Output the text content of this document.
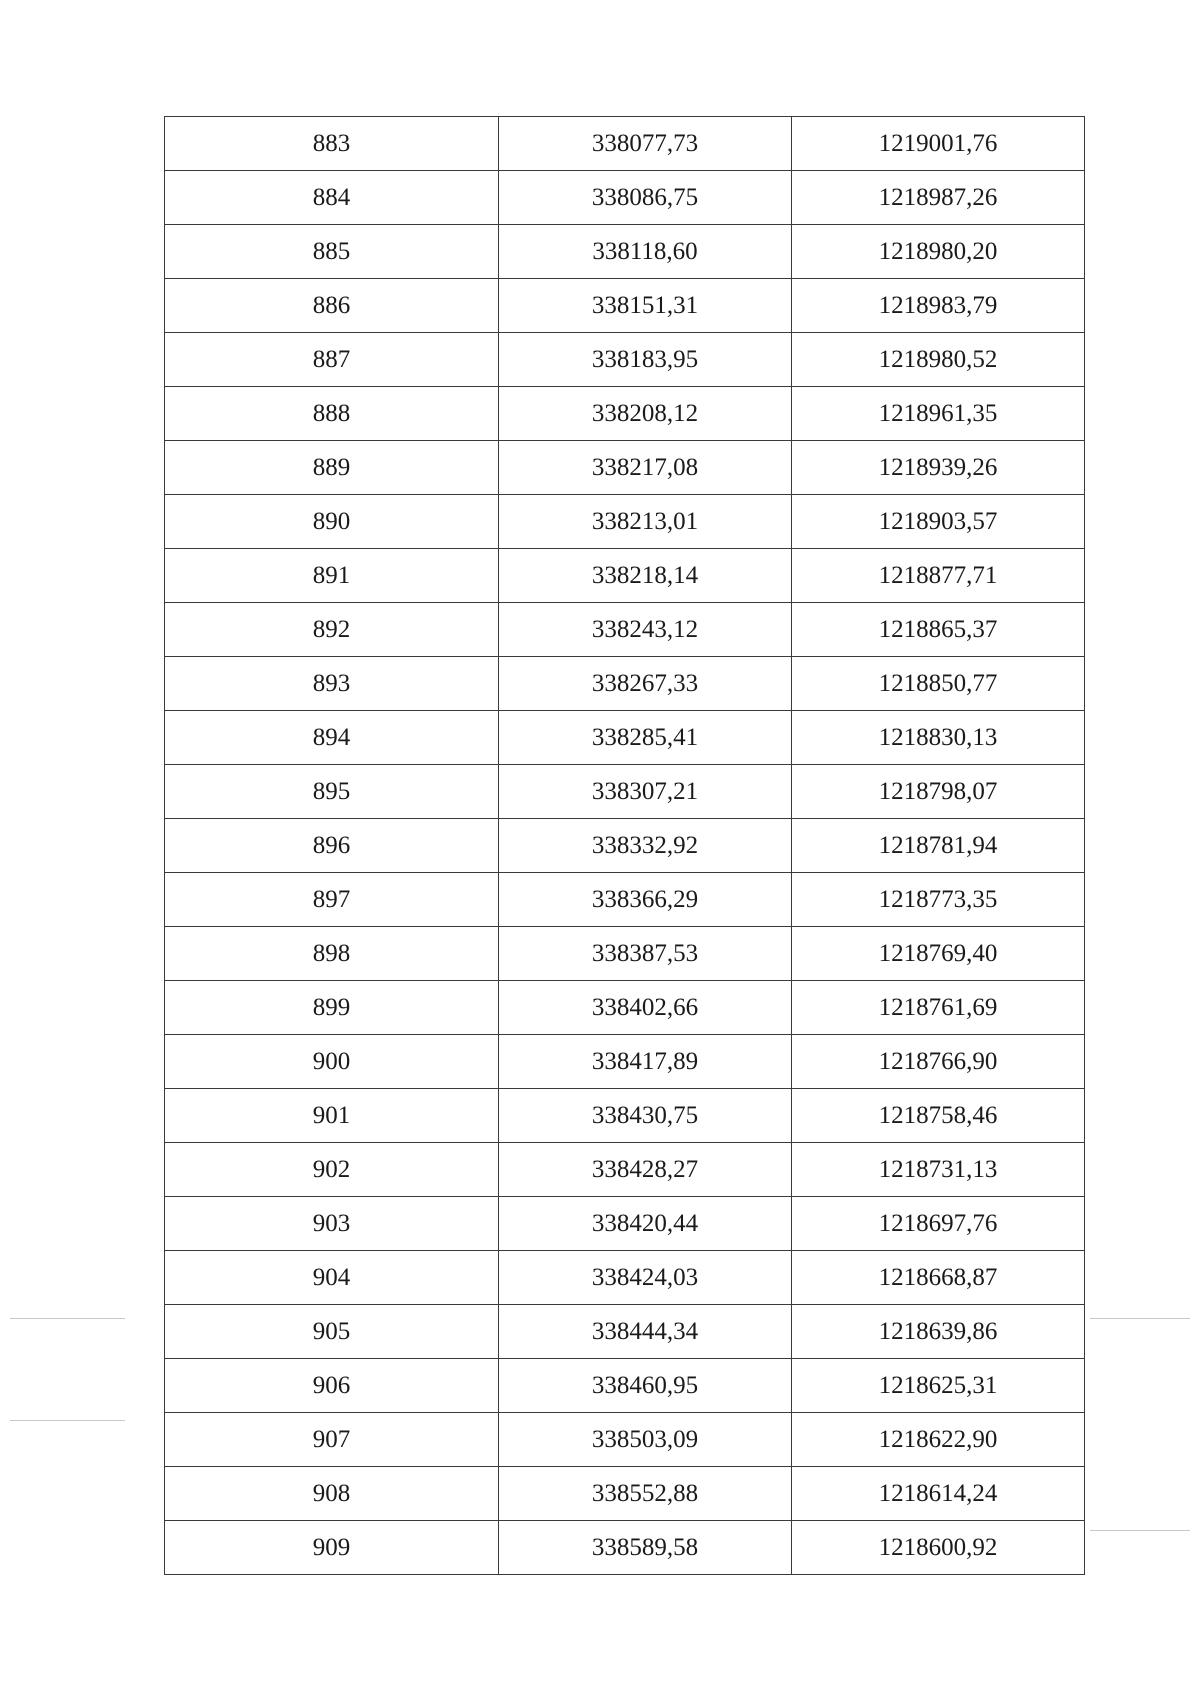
883	338077,73	1219001,76
884	338086,75	1218987,26
885	338118,60	1218980,20
886	338151,31	1218983,79
887	338183,95	1218980,52
888	338208,12	1218961,35
889	338217,08	1218939,26
890	338213,01	1218903,57
891	338218,14	1218877,71
892	338243,12	1218865,37
893	338267,33	1218850,77
894	338285,41	1218830,13
895	338307,21	1218798,07
896	338332,92	1218781,94
897	338366,29	1218773,35
898	338387,53	1218769,40
899	338402,66	1218761,69
900	338417,89	1218766,90
901	338430,75	1218758,46
902	338428,27	1218731,13
903	338420,44	1218697,76
904	338424,03	1218668,87
905	338444,34	1218639,86
906	338460,95	1218625,31
907	338503,09	1218622,90
908	338552,88	1218614,24
909	338589,58	1218600,92
